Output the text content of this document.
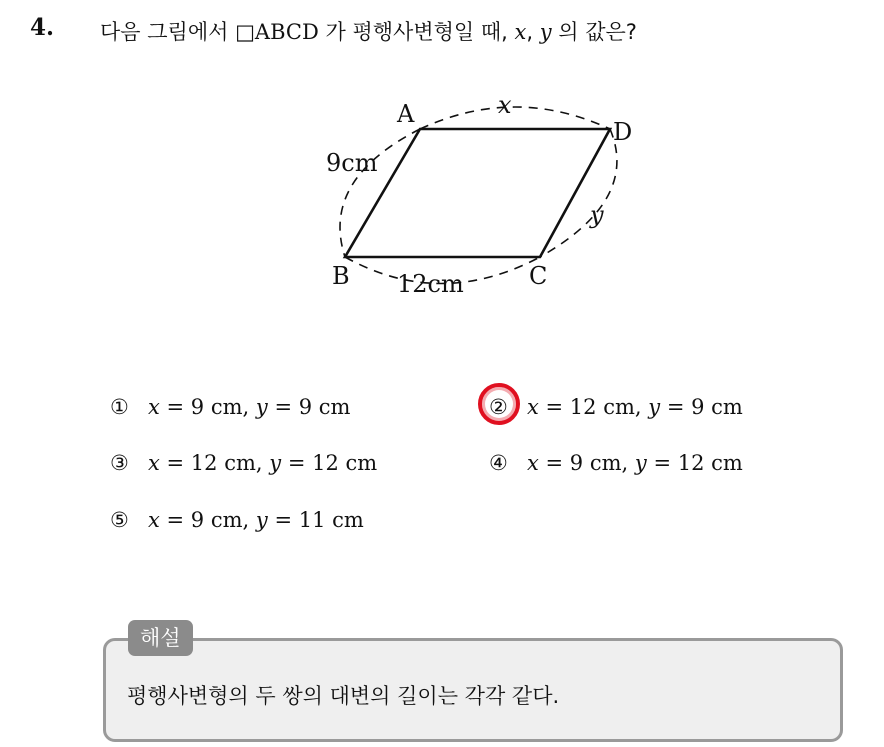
4. 다음 그림에서 □ABCD 가 평행사변형일 때, x, y 의 값은?
A
D
B	C
x
9cm
12cm
y
① x = 9 cm, y = 9 cm	② x = 12 cm, y = 9 cm
③ x = 12 cm, y = 12 cm	④ x = 9 cm, y = 12 cm
⑤ x = 9 cm, y = 11 cm
해설
평행사변형의 두 쌍의 대변의 길이는 각각 같다.
